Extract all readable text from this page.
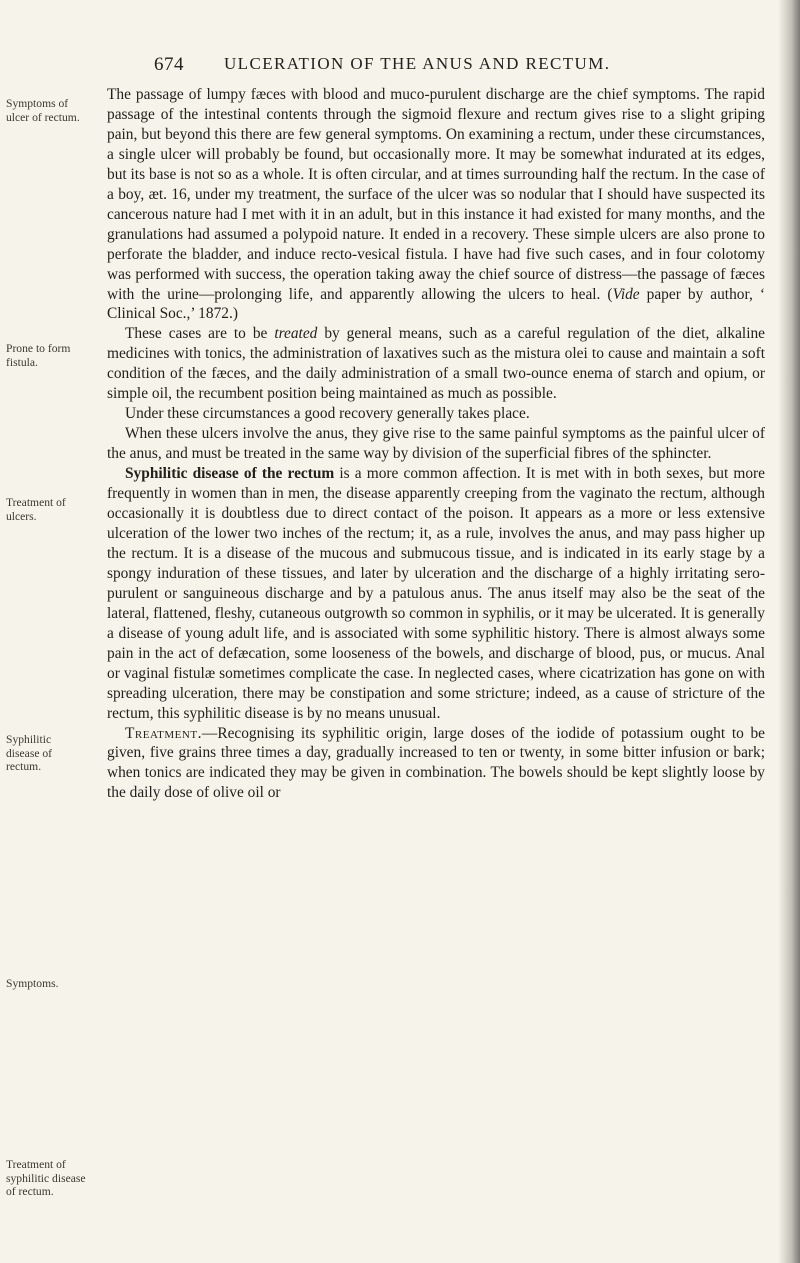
674 ULCERATION OF THE ANUS AND RECTUM.
Symptoms of ulcer of rectum.
Prone to form fistula.
Treatment of ulcers.
Syphilitic disease of rectum.
Symptoms.
Treatment of syphilitic disease of rectum.

The passage of lumpy fæces with blood and muco-purulent discharge are the chief symptoms. The rapid passage of the intestinal contents through the sigmoid flexure and rectum gives rise to a slight griping pain, but beyond this there are few general symptoms. On examining a rectum, under these circumstances, a single ulcer will probably be found, but occasionally more. It may be somewhat indurated at its edges, but its base is not so as a whole. It is often circular, and at times surrounding half the rectum. In the case of a boy, æt. 16, under my treatment, the surface of the ulcer was so nodular that I should have suspected its cancerous nature had I met with it in an adult, but in this instance it had existed for many months, and the granulations had assumed a polypoid nature. It ended in a recovery. These simple ulcers are also prone to perforate the bladder, and induce recto-vesical fistula. I have had five such cases, and in four colotomy was performed with success, the operation taking away the chief source of distress—the passage of fæces with the urine—prolonging life, and apparently allowing the ulcers to heal. (Vide paper by author, ‘ Clinical Soc.,’ 1872.)

These cases are to be treated by general means, such as a careful regulation of the diet, alkaline medicines with tonics, the administration of laxatives such as the mistura olei to cause and maintain a soft condition of the fæces, and the daily administration of a small two-ounce enema of starch and opium, or simple oil, the recumbent position being maintained as much as possible.

Under these circumstances a good recovery generally takes place.

When these ulcers involve the anus, they give rise to the same painful symptoms as the painful ulcer of the anus, and must be treated in the same way by division of the superficial fibres of the sphincter.

Syphilitic disease of the rectum is a more common affection. It is met with in both sexes, but more frequently in women than in men, the disease apparently creeping from the vaginato the rectum, although occasionally it is doubtless due to direct contact of the poison. It appears as a more or less extensive ulceration of the lower two inches of the rectum; it, as a rule, involves the anus, and may pass higher up the rectum. It is a disease of the mucous and submucous tissue, and is indicated in its early stage by a spongy induration of these tissues, and later by ulceration and the discharge of a highly irritating sero-purulent or sanguineous discharge and by a patulous anus. The anus itself may also be the seat of the lateral, flattened, fleshy, cutaneous outgrowth so common in syphilis, or it may be ulcerated. It is generally a disease of young adult life, and is associated with some syphilitic history. There is almost always some pain in the act of defæcation, some looseness of the bowels, and discharge of blood, pus, or mucus. Anal or vaginal fistulæ sometimes complicate the case. In neglected cases, where cicatrization has gone on with spreading ulceration, there may be constipation and some stricture; indeed, as a cause of stricture of the rectum, this syphilitic disease is by no means unusual.

Treatment.—Recognising its syphilitic origin, large doses of the iodide of potassium ought to be given, five grains three times a day, gradually increased to ten or twenty, in some bitter infusion or bark; when tonics are indicated they may be given in combination. The bowels should be kept slightly loose by the daily dose of olive oil or
